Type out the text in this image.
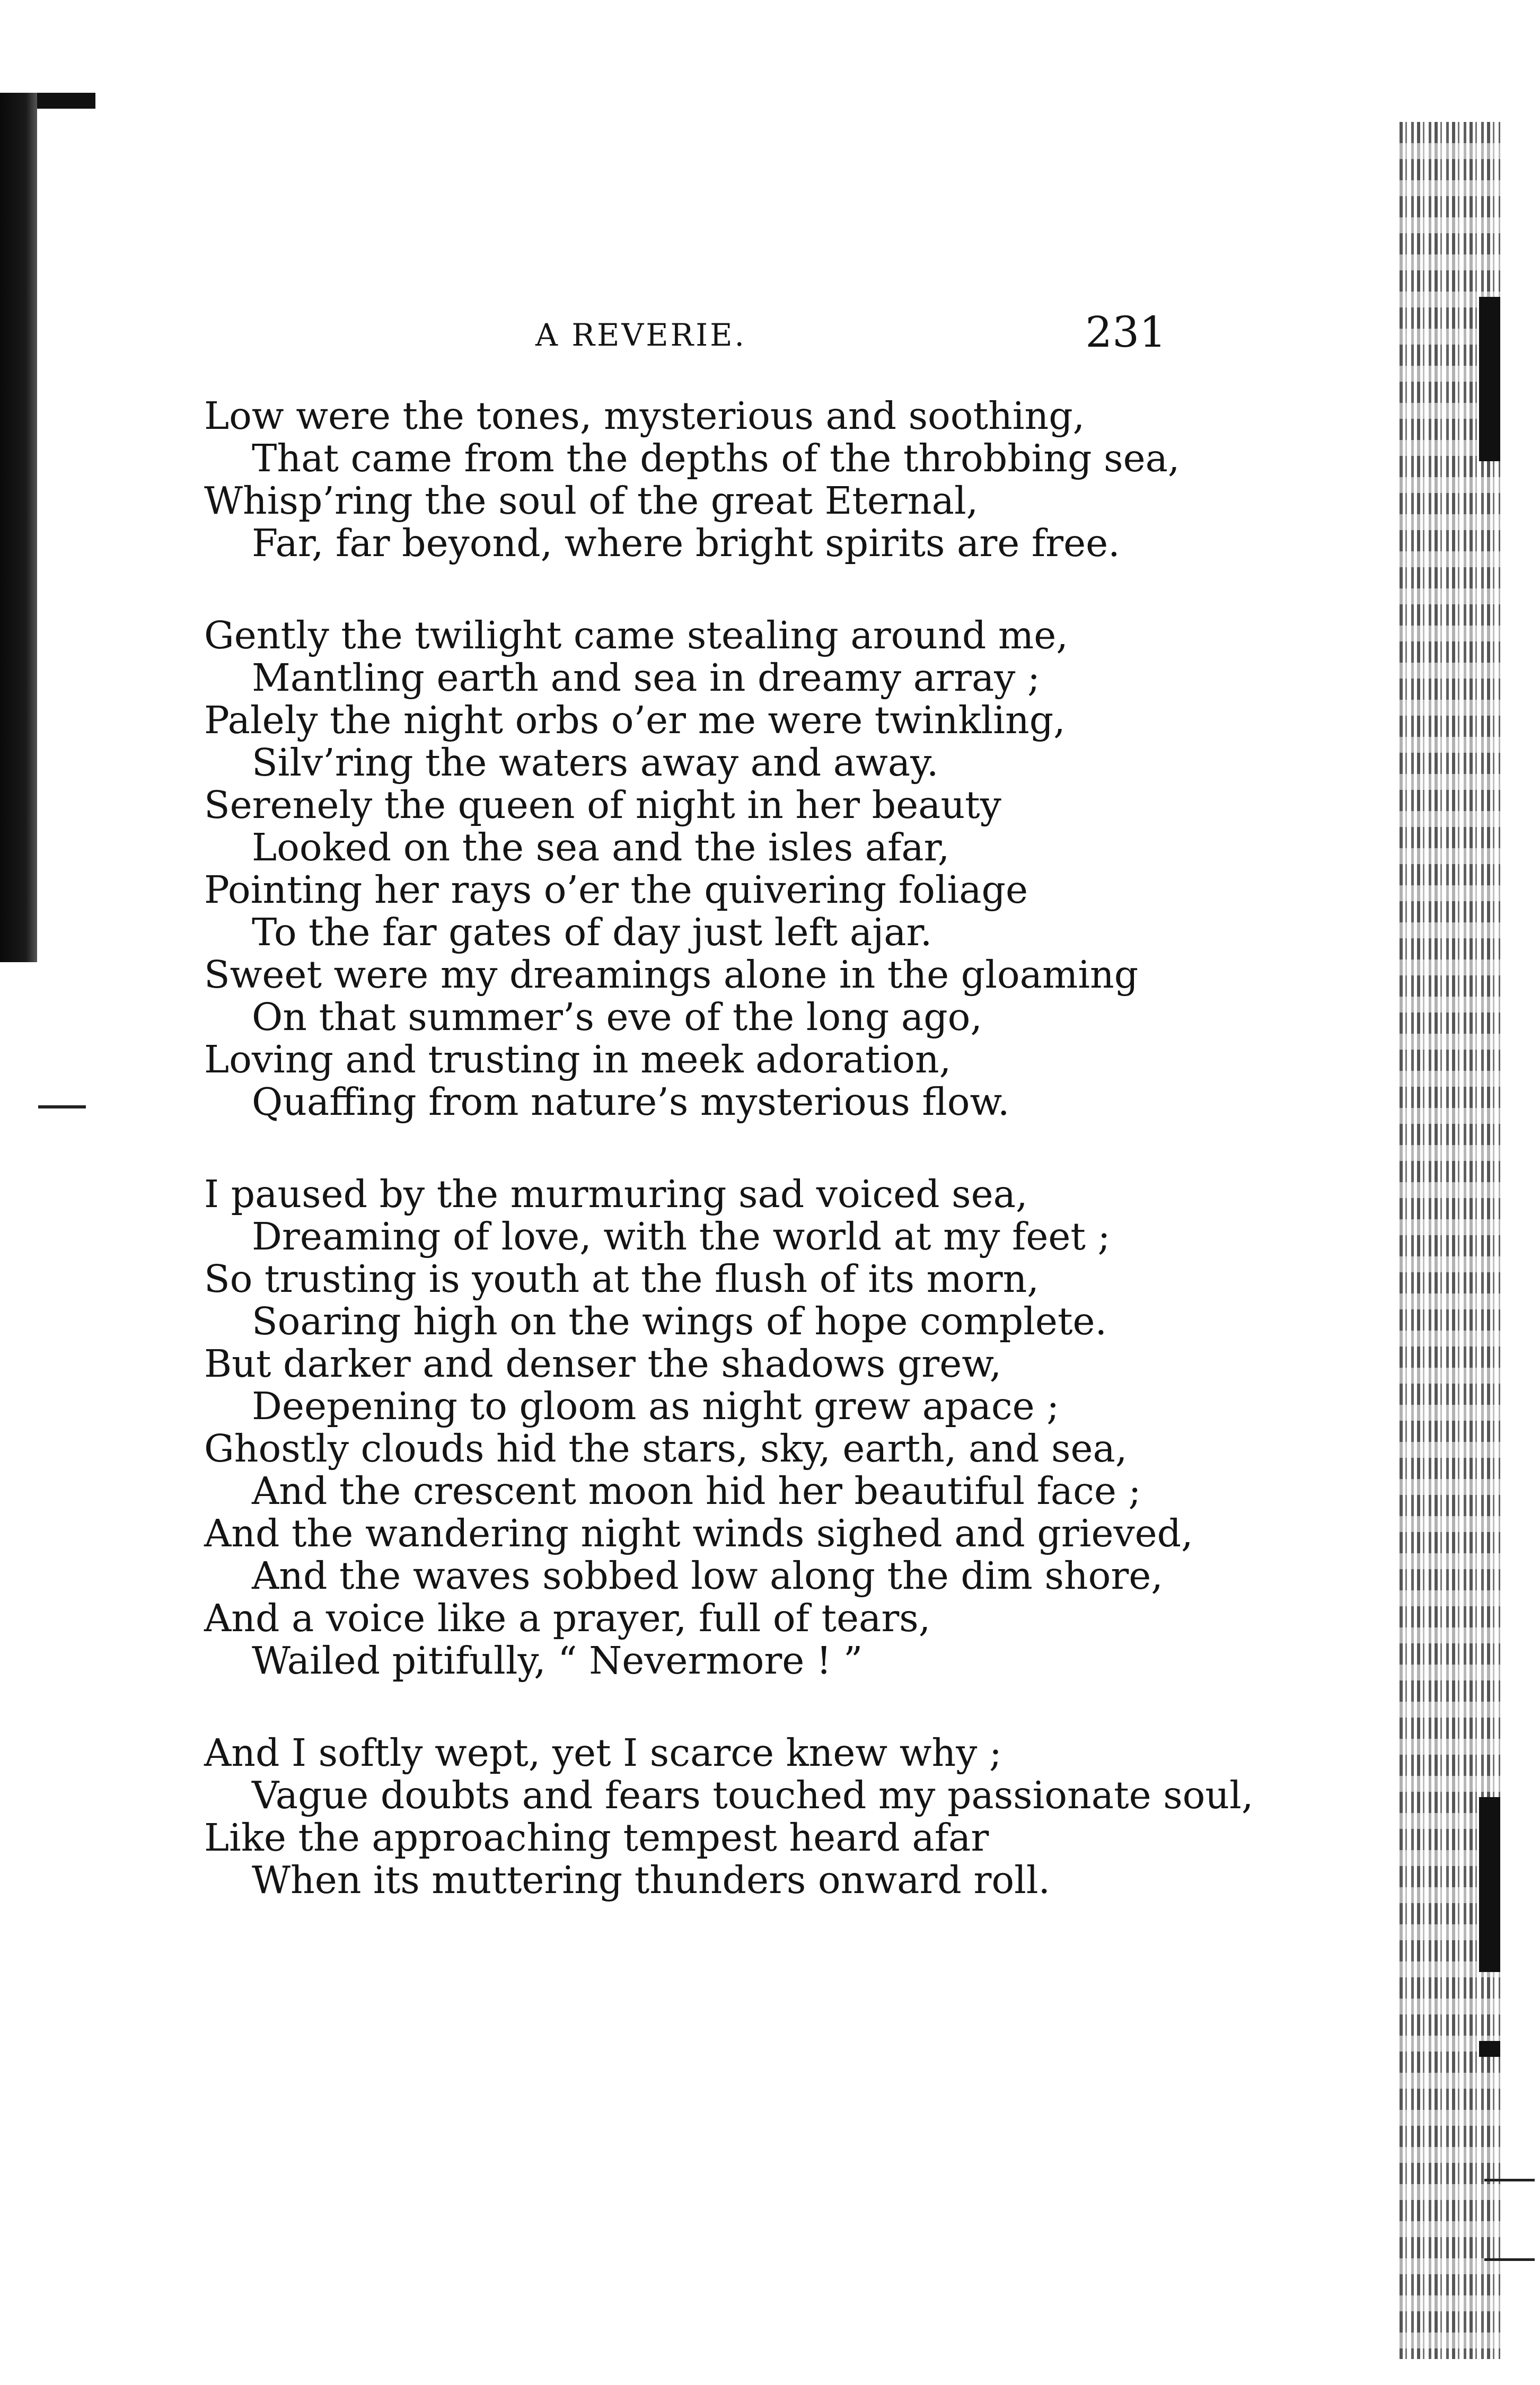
A REVERIE.	231
Low were the tones, mysterious and soothing,
That came from the depths of the throbbing sea,
Whisp’ring the soul of the great Eternal,
Far, far beyond, where bright spirits are free.
Gently the twilight came stealing around me,
Mantling earth and sea in dreamy array ;
Palely the night orbs o’er me were twinkling,
Silv’ring the waters away and away.
Serenely the queen of night in her beauty
Looked on the sea and the isles afar,
Pointing her rays o’er the quivering foliage
To the far gates of day just left ajar.
Sweet were my dreamings alone in the gloaming
On that summer’s eve of the long ago,
Loving and trusting in meek adoration,
Quaffing from nature’s mysterious flow.
I paused by the murmuring sad voiced sea,
Dreaming of love, with the world at my feet ;
So trusting is youth at the flush of its morn,
Soaring high on the wings of hope complete.
But darker and denser the shadows grew,
Deepening to gloom as night grew apace ;
Ghostly clouds hid the stars, sky, earth, and sea,
And the crescent moon hid her beautiful face ;
And the wandering night winds sighed and grieved,
And the waves sobbed low along the dim shore,
And a voice like a prayer, full of tears,
Wailed pitifully, “ Nevermore ! ”
And I softly wept, yet I scarce knew why ;
Vague doubts and fears touched my passionate soul,
Like the approaching tempest heard afar
When its muttering thunders onward roll.
